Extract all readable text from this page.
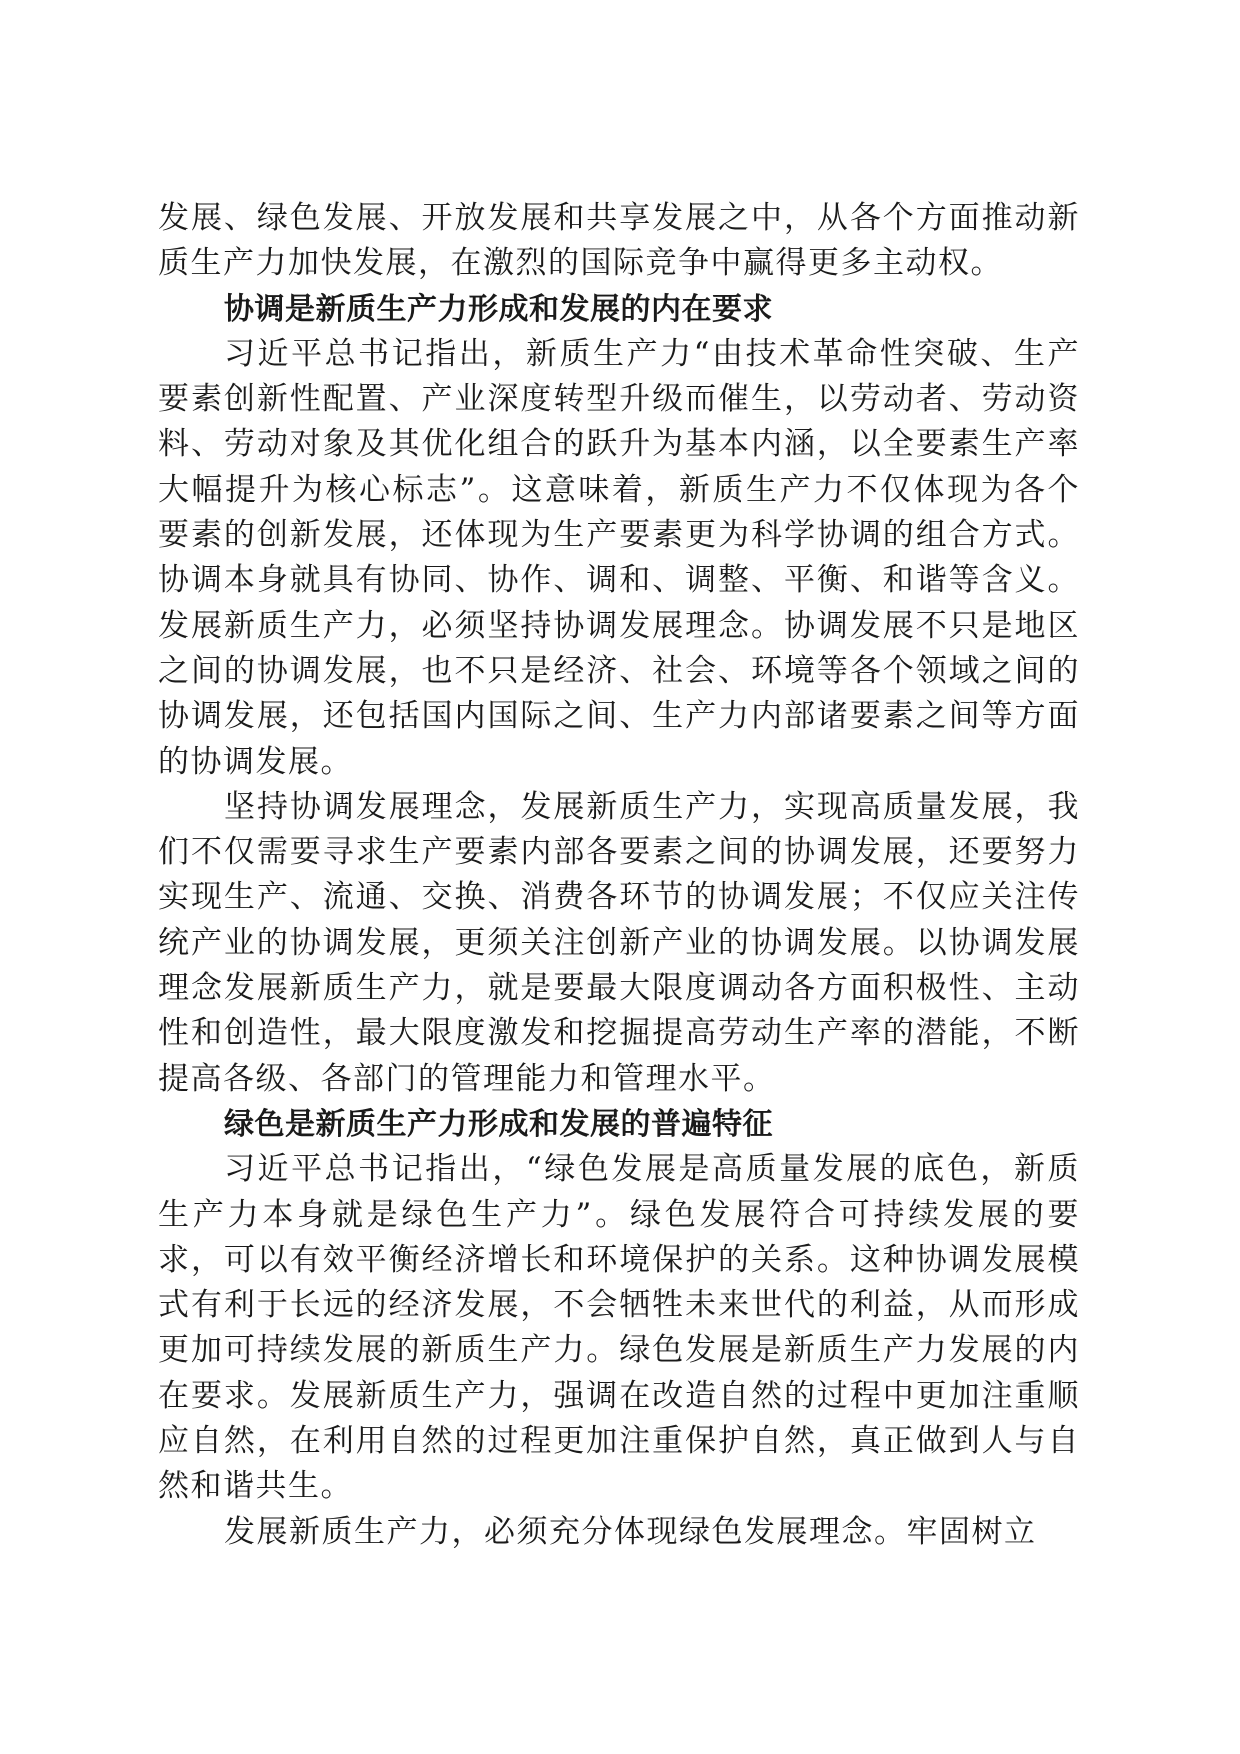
发展、绿色发展、开放发展和共享发展之中，从各个方面推动新质生产力加快发展，在激烈的国际竞争中赢得更多主动权。

协调是新质生产力形成和发展的内在要求

习近平总书记指出，新质生产力“由技术革命性突破、生产要素创新性配置、产业深度转型升级而催生，以劳动者、劳动资料、劳动对象及其优化组合的跃升为基本内涵，以全要素生产率大幅提升为核心标志”。这意味着，新质生产力不仅体现为各个要素的创新发展，还体现为生产要素更为科学协调的组合方式。协调本身就具有协同、协作、调和、调整、平衡、和谐等含义。发展新质生产力，必须坚持协调发展理念。协调发展不只是地区之间的协调发展，也不只是经济、社会、环境等各个领域之间的协调发展，还包括国内国际之间、生产力内部诸要素之间等方面的协调发展。

坚持协调发展理念，发展新质生产力，实现高质量发展，我们不仅需要寻求生产要素内部各要素之间的协调发展，还要努力实现生产、流通、交换、消费各环节的协调发展；不仅应关注传统产业的协调发展，更须关注创新产业的协调发展。以协调发展理念发展新质生产力，就是要最大限度调动各方面积极性、主动性和创造性，最大限度激发和挖掘提高劳动生产率的潜能，不断提高各级、各部门的管理能力和管理水平。

绿色是新质生产力形成和发展的普遍特征

习近平总书记指出，“绿色发展是高质量发展的底色，新质生产力本身就是绿色生产力”。绿色发展符合可持续发展的要求，可以有效平衡经济增长和环境保护的关系。这种协调发展模式有利于长远的经济发展，不会牺牲未来世代的利益，从而形成更加可持续发展的新质生产力。绿色发展是新质生产力发展的内在要求。发展新质生产力，强调在改造自然的过程中更加注重顺应自然，在利用自然的过程更加注重保护自然，真正做到人与自然和谐共生。

发展新质生产力，必须充分体现绿色发展理念。牢固树立
